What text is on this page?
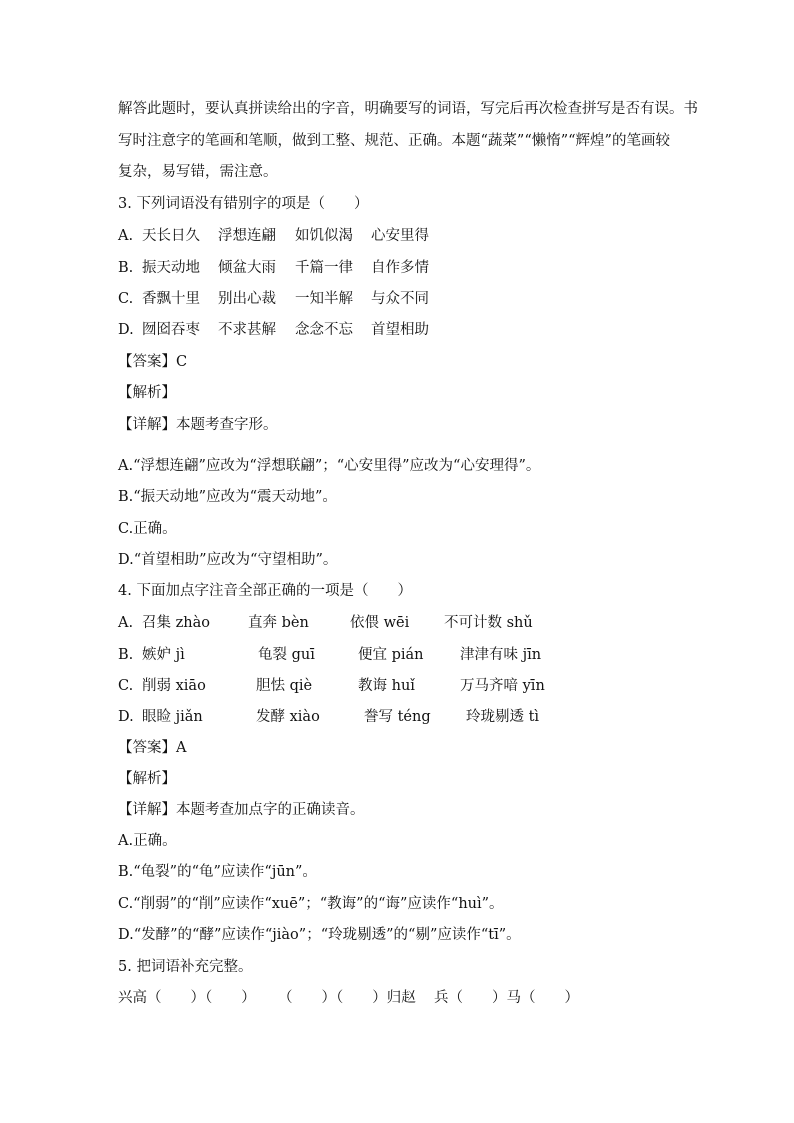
解答此题时，要认真拼读给出的字音，明确要写的词语，写完后再次检查拼写是否有误。书
写时注意字的笔画和笔顺，做到工整、规范、正确。本题“蔬菜”“懒惰”“辉煌”的笔画较
复杂，易写错，需注意。
3. 下列词语没有错别字的项是（　　）
A. 天长日久 浮想连翩 如饥似渴 心安里得
B. 振天动地 倾盆大雨 千篇一律 自作多情
C. 香飘十里 别出心裁 一知半解 与众不同
D. 囫囵吞枣 不求甚解 念念不忘 首望相助
【答案】C
【解析】
【详解】本题考查字形。
A.“浮想连翩”应改为“浮想联翩”；“心安里得”应改为“心安理得”。
B.“振天动地”应改为“震天动地”。
C.正确。
D.“首望相助”应改为“守望相助”。
4. 下面加点字注音全部正确的一项是（　　）
A. 召集 zhào	直奔 bèn	依偎 wēi 不可计数 shǔ
B. 嫉妒 jì	龟裂 guī	便宜 pián	津津有味 jīn
C. 削弱 xiāo	胆怯 qiè	教诲 huǐ	万马齐喑 yīn
D. 眼睑 jiǎn	发酵 xiào	誊写 téng 玲珑剔透 tì
【答案】A
【解析】
【详解】本题考查加点字的正确读音。
A.正确。
B.“龟裂”的“龟”应读作“jūn”。
C.“削弱”的“削”应读作“xuē”；“教诲”的“诲”应读作“huì”。
D.“发酵”的“酵”应读作“jiào”；“玲珑剔透”的“剔”应读作“tī”。
5. 把词语补充完整。
兴高（　　）（　　） （　　）（　　）归赵 兵（　　）马（　　）
